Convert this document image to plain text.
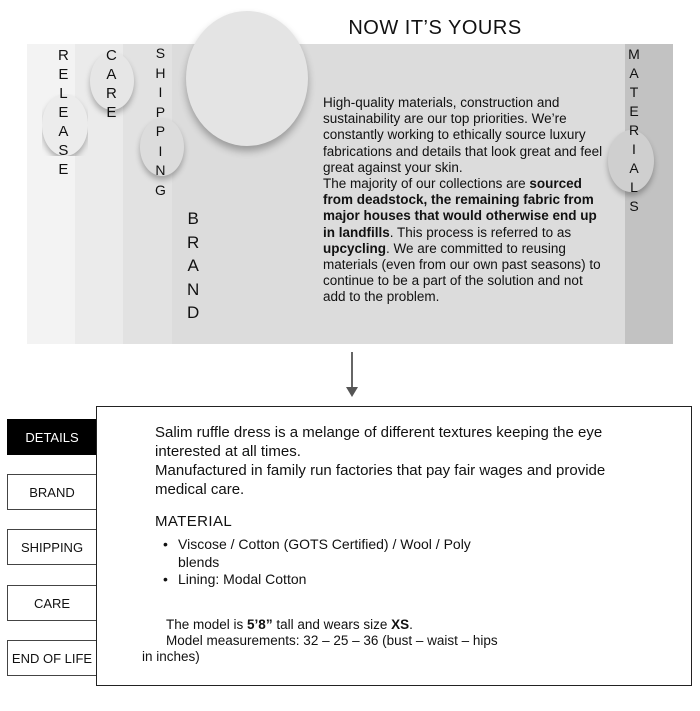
NOW IT’S YOURS
R
E
L
E
A
S
E
C
A
R
E
S
H
I
P
P
I
N
G
B
R
A
N
D
M
A
T
E
R
I
A
L
S

High-quality materials, construction and sustainability are our top priorities. We’re constantly working to ethically source luxury fabrications and details that look great and feel great against your skin.

The majority of our collections are sourced from deadstock, the remaining fabric from major houses that would otherwise end up in landfills. This process is referred to as upcycling. We are committed to reusing materials (even from our own past seasons) to continue to be a part of the solution and not add to the problem.

DETAILS
BRAND
SHIPPING
CARE
END OF LIFE

Salim ruffle dress is a melange of different textures keeping the eye interested at all times.

Manufactured in family run factories that pay fair wages and provide medical care.

MATERIAL
• Viscose / Cotton (GOTS Certified) / Wool / Poly blends
• Lining: Modal Cotton

The model is 5’8” tall and wears size XS.

Model measurements: 32 – 25 – 36 (bust – waist – hips

in inches)
